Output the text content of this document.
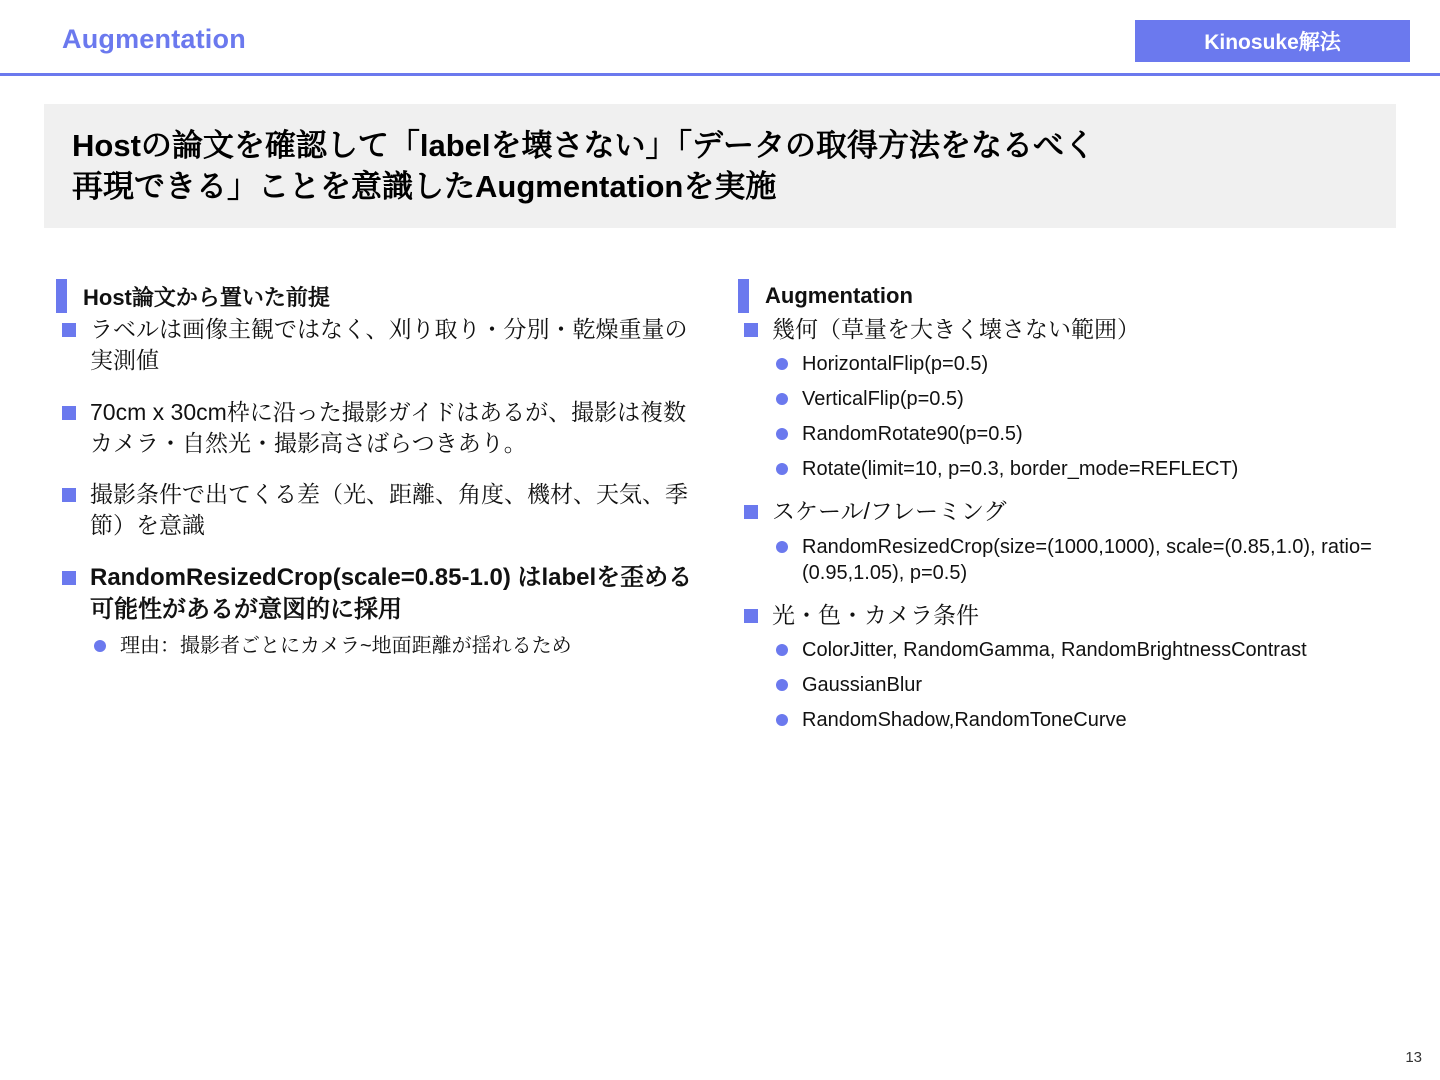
Augmentation	Kinosuke解法
Hostの論文を確認して「labelを壊さない」「データの取得方法をなるべく
再現できる」ことを意識したAugmentationを実施
Host論文から置いた前提
ラベルは画像主観ではなく、刈り取り・分別・乾燥重量の実測値
70cm x 30cm枠に沿った撮影ガイドはあるが、撮影は複数カメラ・自然光・撮影高さばらつきあり。
撮影条件で出てくる差（光、距離、角度、機材、天気、季節）を意識
RandomResizedCrop(scale=0.85-1.0) はlabelを歪める可能性があるが意図的に採用
理由：撮影者ごとにカメラ~地面距離が揺れるため
Augmentation
幾何（草量を大きく壊さない範囲）
HorizontalFlip(p=0.5)
VerticalFlip(p=0.5)
RandomRotate90(p=0.5)
Rotate(limit=10, p=0.3, border_mode=REFLECT)
スケール/フレーミング
RandomResizedCrop(size=(1000,1000), scale=(0.85,1.0), ratio=(0.95,1.05), p=0.5)
光・色・カメラ条件
ColorJitter, RandomGamma, RandomBrightnessContrast
GaussianBlur
RandomShadow,RandomToneCurve
13
